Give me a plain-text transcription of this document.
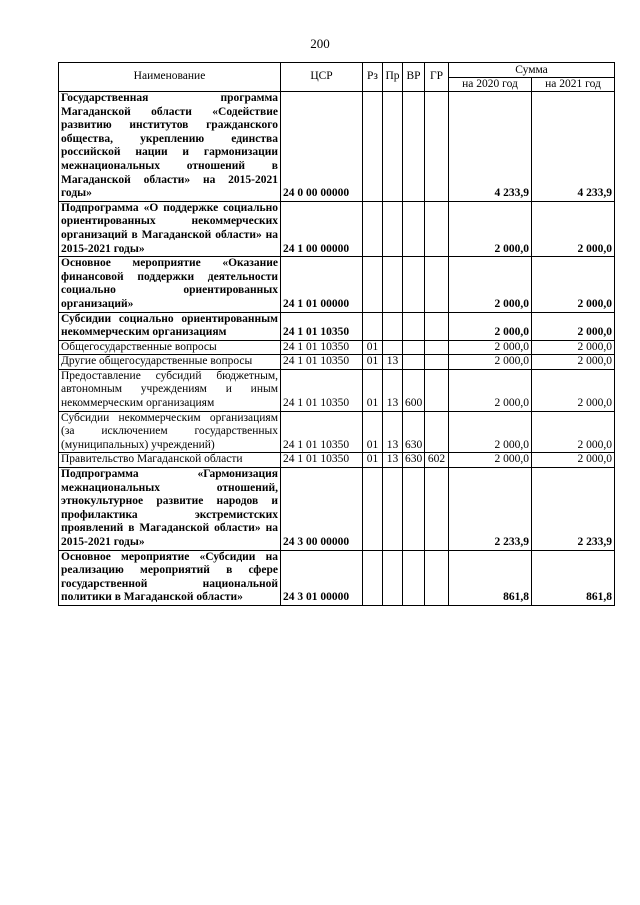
200
Наименование	ЦСР	Рз	Пр	ВР	ГР	Сумма	
						на 2020 год	на 2021 год
Государственная программа Магаданской области «Содействие развитию институтов гражданского общества, укреплению единства российской нации и гармонизации межнациональных отношений в Магаданской области» на 2015-2021 годы»	24 0 00 00000					4 233,9	4 233,9
Подпрограмма «О поддержке социально ориентированных некоммерческих организаций в Магаданской области» на 2015-2021 годы»	24 1 00 00000					2 000,0	2 000,0
Основное мероприятие «Оказание финансовой поддержки деятельности социально ориентированных организаций»	24 1 01 00000					2 000,0	2 000,0
Субсидии социально ориентированным некоммерческим организациям	24 1 01 10350					2 000,0	2 000,0
Общегосударственные вопросы	24 1 01 10350	01				2 000,0	2 000,0
Другие общегосударственные вопросы	24 1 01 10350	01	13			2 000,0	2 000,0
Предоставление субсидий бюджетным, автономным учреждениям и иным некоммерческим организациям	24 1 01 10350	01	13	600		2 000,0	2 000,0
Субсидии некоммерческим организациям (за исключением государственных (муниципальных) учреждений)	24 1 01 10350	01	13	630		2 000,0	2 000,0
Правительство Магаданской области	24 1 01 10350	01	13	630	602	2 000,0	2 000,0
Подпрограмма «Гармонизация межнациональных отношений, этнокультурное развитие народов и профилактика экстремистских проявлений в Магаданской области» на 2015-2021 годы»	24 3 00 00000					2 233,9	2 233,9
Основное мероприятие «Субсидии на реализацию мероприятий в сфере государственной национальной политики в Магаданской области»	24 3 01 00000					861,8	861,8
